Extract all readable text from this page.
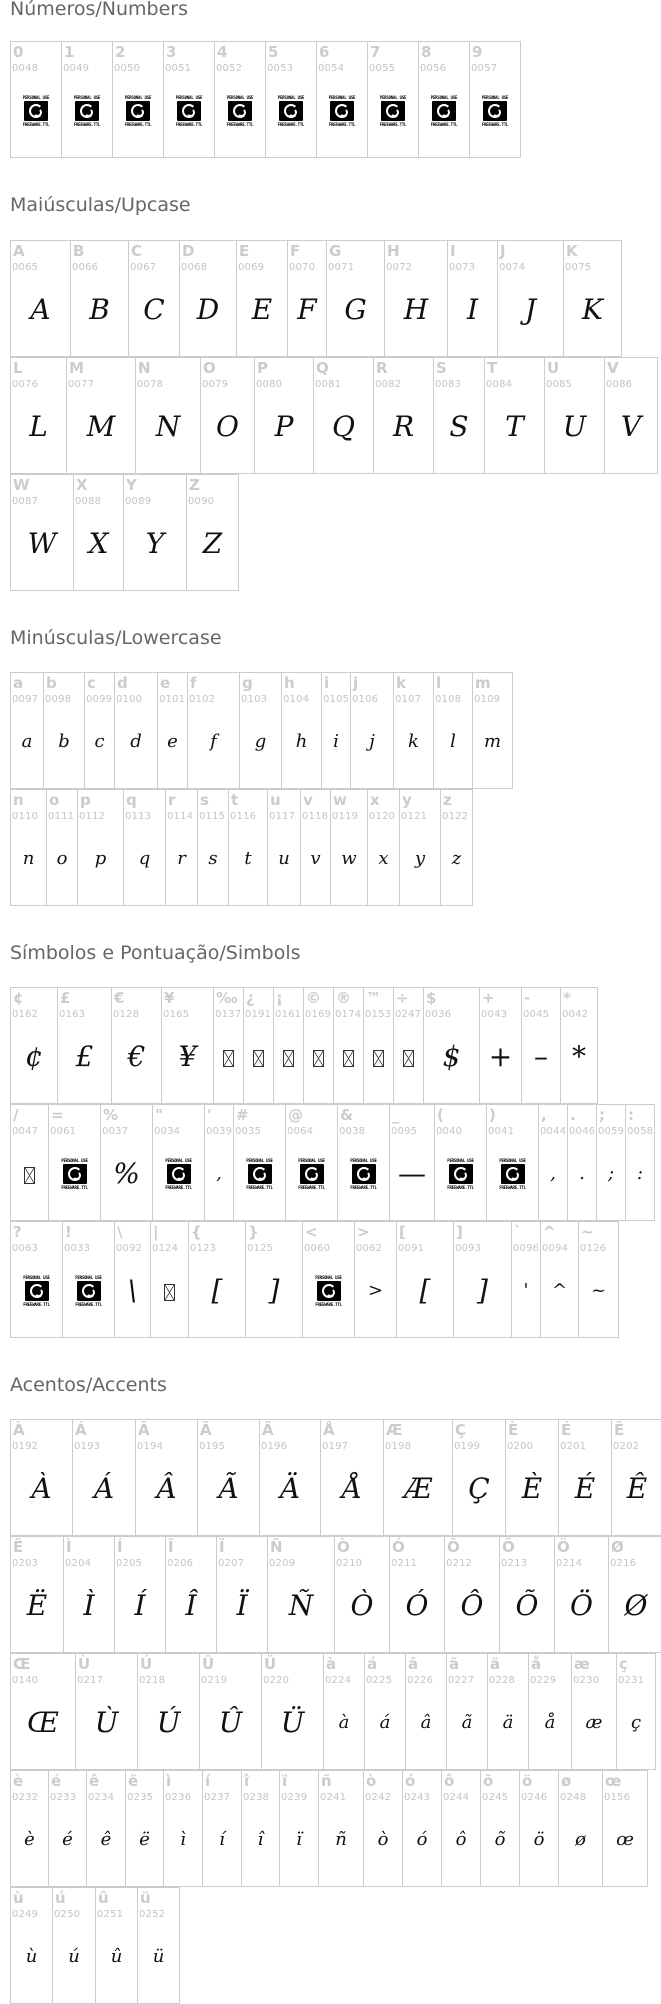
Números/Numbers
0
0048
PERSONAL USE
FREEWARE.TTL
1
0049
PERSONAL USE
FREEWARE.TTL
2
0050
PERSONAL USE
FREEWARE.TTL
3
0051
PERSONAL USE
FREEWARE.TTL
4
0052
PERSONAL USE
FREEWARE.TTL
5
0053
PERSONAL USE
FREEWARE.TTL
6
0054
PERSONAL USE
FREEWARE.TTL
7
0055
PERSONAL USE
FREEWARE.TTL
8
0056
PERSONAL USE
FREEWARE.TTL
9
0057
PERSONAL USE
FREEWARE.TTL
Maiúsculas/Upcase
A
0065
A
B
0066
B
C
0067
C
D
0068
D
E
0069
E
F
0070
F
G
0071
G
H
0072
H
I
0073
I
J
0074
J
K
0075
K
L
0076
L
M
0077
M
N
0078
N
O
0079
O
P
0080
P
Q
0081
Q
R
0082
R
S
0083
S
T
0084
T
U
0085
U
V
0086
V
W
0087
W
X
0088
X
Y
0089
Y
Z
0090
Z
Minúsculas/Lowercase
a
0097
a
b
0098
b
c
0099
c
d
0100
d
e
0101
e
f
0102
f
g
0103
g
h
0104
h
i
0105
i
j
0106
j
k
0107
k
l
0108
l
m
0109
m
n
0110
n
o
0111
o
p
0112
p
q
0113
q
r
0114
r
s
0115
s
t
0116
t
u
0117
u
v
0118
v
w
0119
w
x
0120
x
y
0121
y
z
0122
z
Símbolos e Pontuação/Simbols
¢
0162
¢
£
0163
£
€
0128
€
¥
0165
¥
‰
0137
¿
0191
¡
0161
©
0169
®
0174
™
0153
÷
0247
$
0036
$
+
0043
+
-
0045
–
*
0042
*
/
0047
=
0061
PERSONAL USE
FREEWARE.TTL
%
0037
%
"
0034
PERSONAL USE
FREEWARE.TTL
'
0039
,
#
0035
PERSONAL USE
FREEWARE.TTL
@
0064
PERSONAL USE
FREEWARE.TTL
&
0038
PERSONAL USE
FREEWARE.TTL
_
0095
—
(
0040
PERSONAL USE
FREEWARE.TTL
)
0041
PERSONAL USE
FREEWARE.TTL
,
0044
,
.
0046
.
;
0059
;
:
0058
:
?
0063
PERSONAL USE
FREEWARE.TTL
!
0033
PERSONAL USE
FREEWARE.TTL
\
0092
\
|
0124
{
0123
[
}
0125
]
<
0060
PERSONAL USE
FREEWARE.TTL
>
0062
>
[
0091
[
]
0093
]
`
0096
'
^
0094
^
~
0126
~
Acentos/Accents
À
0192
À
Á
0193
Á
Â
0194
Â
Ã
0195
Ã
Ä
0196
Ä
Å
0197
Å
Æ
0198
Æ
Ç
0199
Ç
È
0200
È
É
0201
É
Ê
0202
Ê
Ë
0203
Ë
Ì
0204
Ì
Í
0205
Í
Î
0206
Î
Ï
0207
Ï
Ñ
0209
Ñ
Ò
0210
Ò
Ó
0211
Ó
Ô
0212
Ô
Õ
0213
Õ
Ö
0214
Ö
Ø
0216
Ø
Œ
0140
Œ
Ù
0217
Ù
Ú
0218
Ú
Û
0219
Û
Ü
0220
Ü
à
0224
à
á
0225
á
â
0226
â
ã
0227
ã
ä
0228
ä
å
0229
å
æ
0230
æ
ç
0231
ç
è
0232
è
é
0233
é
ê
0234
ê
ë
0235
ë
ì
0236
ì
í
0237
í
î
0238
î
ï
0239
ï
ñ
0241
ñ
ò
0242
ò
ó
0243
ó
ô
0244
ô
õ
0245
õ
ö
0246
ö
ø
0248
ø
œ
0156
œ
ù
0249
ù
ú
0250
ú
û
0251
û
ü
0252
ü
